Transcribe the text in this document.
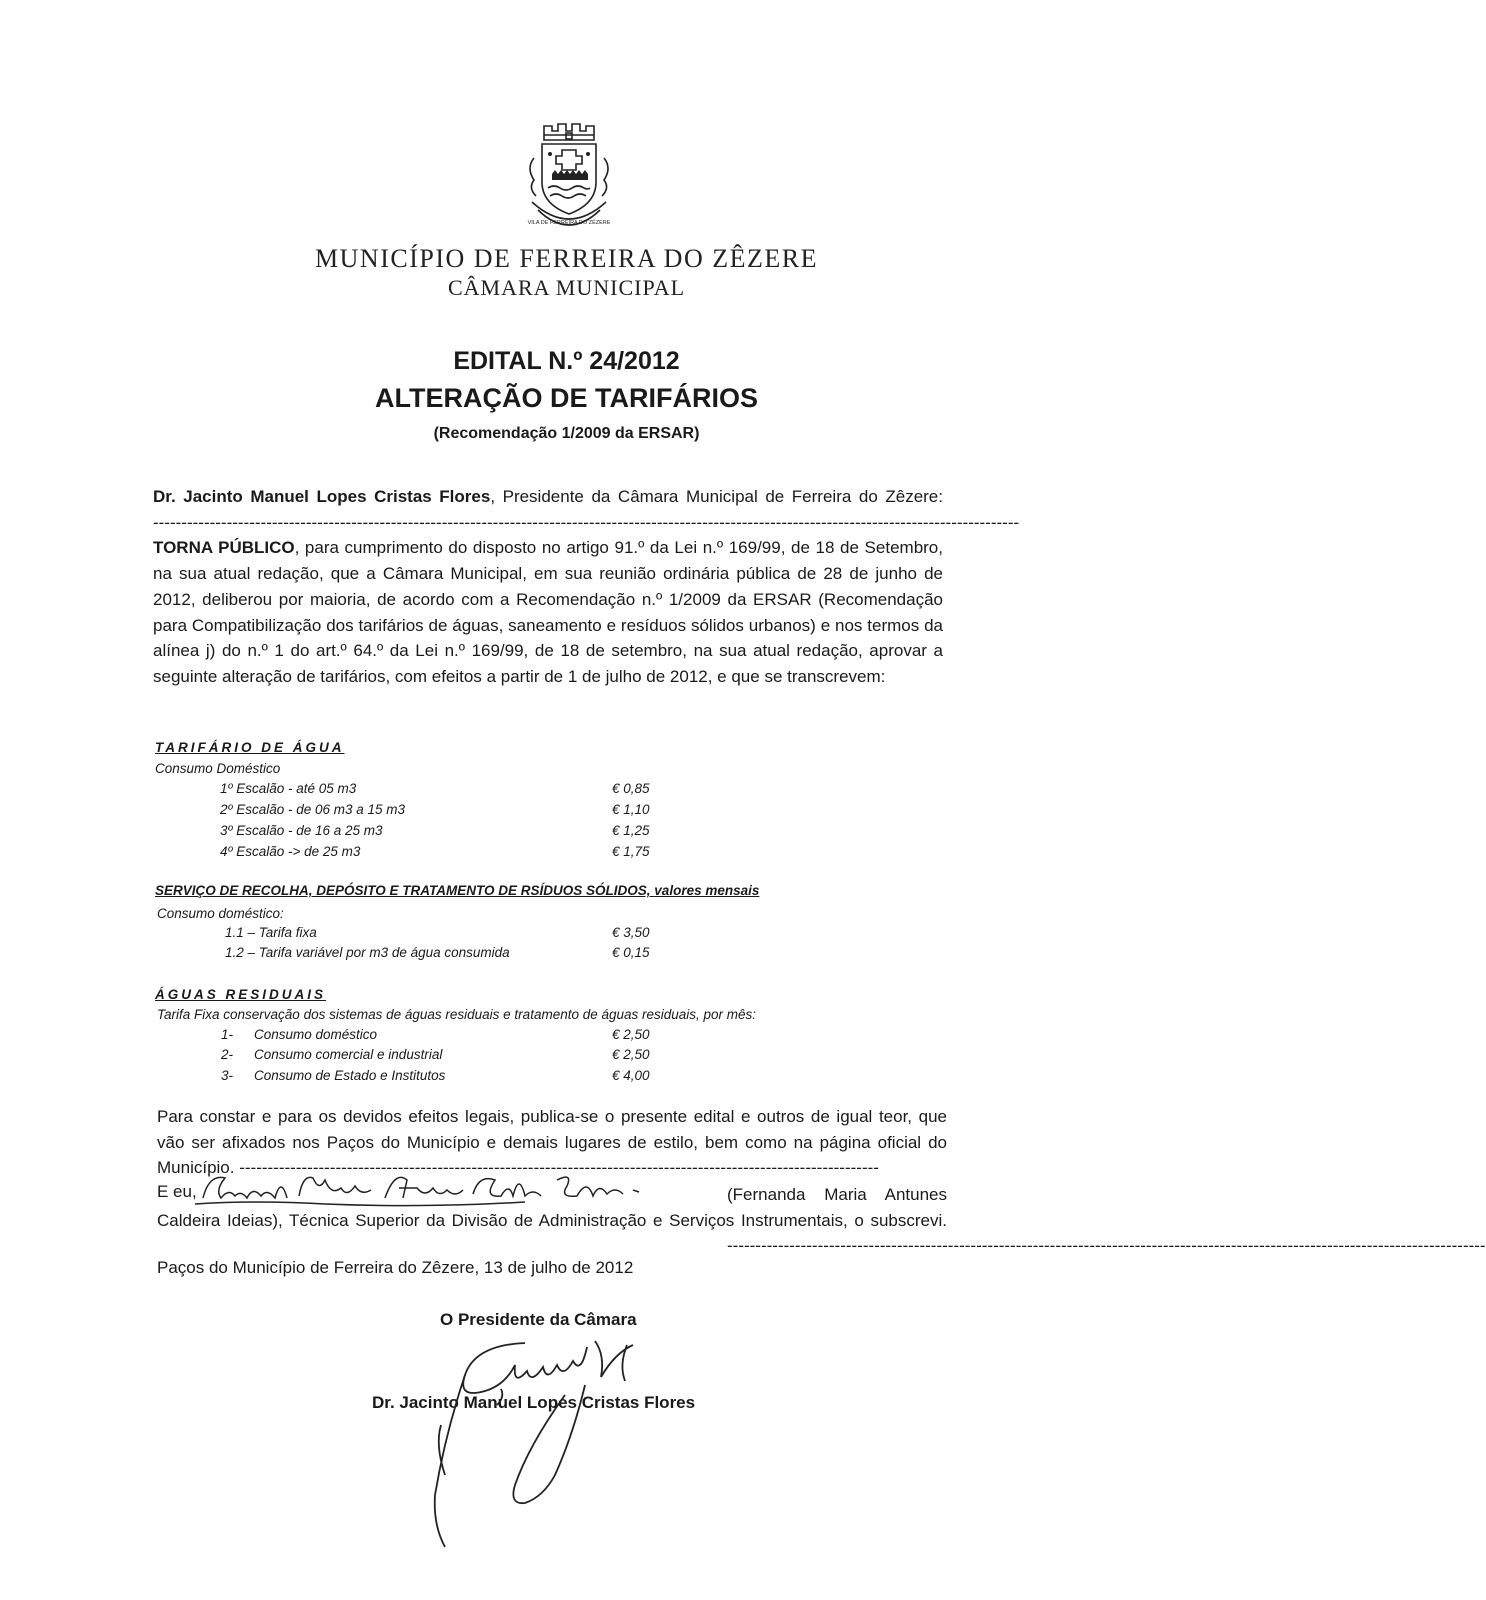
VILA DE FERREIRA DO ZÊZERE
MUNICÍPIO DE FERREIRA DO ZÊZERE
CÂMARA MUNICIPAL
EDITAL N.º 24/2012
ALTERAÇÃO DE TARIFÁRIOS
(Recomendação 1/2009 da ERSAR)
Dr. Jacinto Manuel Lopes Cristas Flores, Presidente da Câmara Municipal de Ferreira do Zêzere: ---------------------------------------------------------------------------------------------------------------------------------------------------------
TORNA PÚBLICO, para cumprimento do disposto no artigo 91.º da Lei n.º 169/99, de 18 de Setembro, na sua atual redação, que a Câmara Municipal, em sua reunião ordinária pública de 28 de junho de 2012, deliberou por maioria, de acordo com a Recomendação n.º 1/2009 da ERSAR (Recomendação para Compatibilização dos tarifários de águas, saneamento e resíduos sólidos urbanos) e nos termos da alínea j) do n.º 1 do art.º 64.º da Lei n.º 169/99, de 18 de setembro, na sua atual redação, aprovar a seguinte alteração de tarifários, com efeitos a partir de 1 de julho de 2012, e que se transcrevem:
TARIFÁRIO DE ÁGUA
Consumo Doméstico
1º Escalão - até 05 m3	€ 0,85
2º Escalão - de 06 m3 a 15 m3	€ 1,10
3º Escalão - de 16 a 25 m3	€ 1,25
4º Escalão -> de 25 m3	€ 1,75
SERVIÇO DE RECOLHA, DEPÓSITO E TRATAMENTO DE RSÍDUOS SÓLIDOS, valores mensais
Consumo doméstico:
1.1 – Tarifa fixa	€ 3,50
1.2 – Tarifa variável por m3 de água consumida	€ 0,15
ÁGUAS RESIDUAIS
Tarifa Fixa conservação dos sistemas de águas residuais e tratamento de águas residuais, por mês:
1- Consumo doméstico	€ 2,50
2- Consumo comercial e industrial	€ 2,50
3- Consumo de Estado e Institutos	€ 4,00
Para constar e para os devidos efeitos legais, publica-se o presente edital e outros de igual teor, que vão ser afixados nos Paços do Município e demais lugares de estilo, bem como na página oficial do Município. -----------------------------------------------------------------------------------------------------------------
E eu,	(Fernanda Maria Antunes Caldeira Ideias), Técnica Superior da Divisão de Administração e Serviços Instrumentais, o subscrevi. --------------------------------------------------------------------------------------------------------------------------------------
Paços do Município de Ferreira do Zêzere, 13 de julho de 2012
O Presidente da Câmara
Dr. Jacinto Manuel Lopes Cristas Flores
